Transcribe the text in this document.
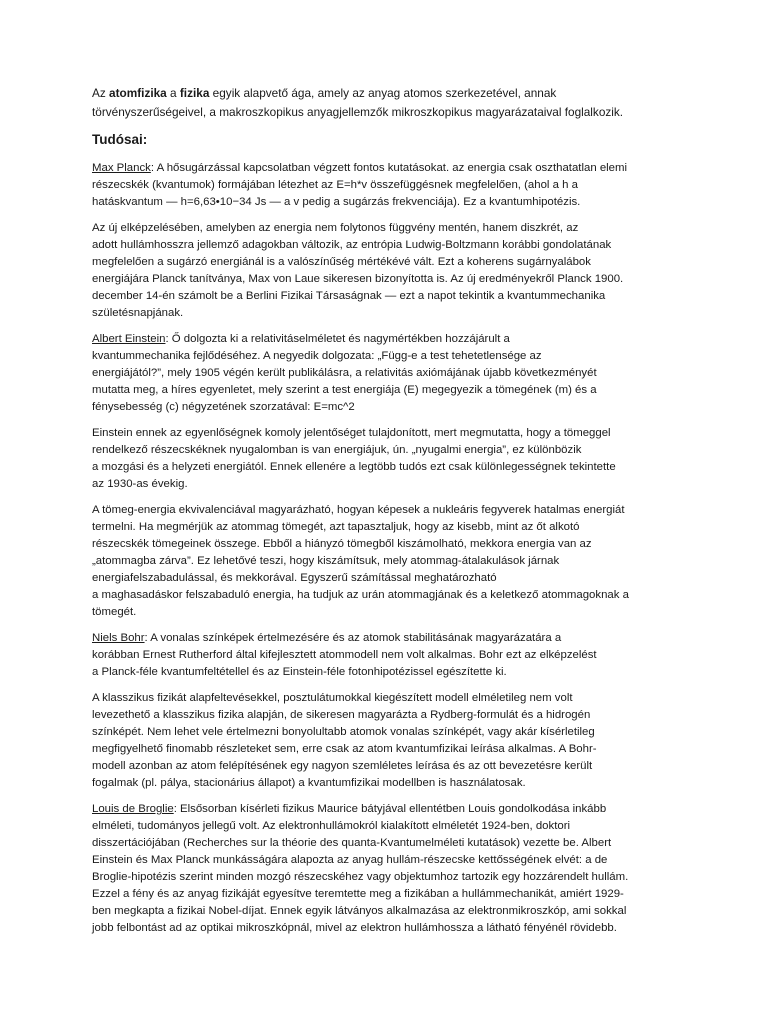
Az atomfizika a fizika egyik alapvető ága, amely az anyag atomos szerkezetével, annak

törvényszerűségeivel, a makroszkopikus anyagjellemzők mikroszkopikus magyarázataival foglalkozik.

Tudósai:

Max Planck: A hősugárzással kapcsolatban végzett fontos kutatásokat. az energia csak oszthatatlan elemi

részecskék (kvantumok) formájában létezhet az E=h*v összefüggésnek megfelelően, (ahol a h a

hatáskvantum — h=6,63•10−34 Js — a v pedig a sugárzás frekvenciája). Ez a kvantumhipotézis.

Az új elképzelésében, amelyben az energia nem folytonos függvény mentén, hanem diszkrét, az

adott hullámhosszra jellemző adagokban változik, az entrópia Ludwig-Boltzmann korábbi gondolatának

megfelelően a sugárzó energiánál is a valószínűség mértékévé vált. Ezt a koherens sugárnyalábok

energiájára Planck tanítványa, Max von Laue sikeresen bizonyította is. Az új eredményekről Planck 1900.

december 14-én számolt be a Berlini Fizikai Társaságnak — ezt a napot tekintik a kvantummechanika

születésnapjának.

Albert Einstein: Ő dolgozta ki a relativitáselméletet és nagymértékben hozzájárult a

kvantummechanika fejlődéséhez. A negyedik dolgozata: „Függ-e a test tehetetlensége az

energiájától?”, mely 1905 végén került publikálásra, a relativitás axiómájának újabb következményét

mutatta meg, a híres egyenletet, mely szerint a test energiája (E) megegyezik a tömegének (m) és a

fénysebesség (c) négyzetének szorzatával: E=mc^2

Einstein ennek az egyenlőségnek komoly jelentőséget tulajdonított, mert megmutatta, hogy a tömeggel

rendelkező részecskéknek nyugalomban is van energiájuk, ún. „nyugalmi energia”, ez különbözik

a mozgási és a helyzeti energiától. Ennek ellenére a legtöbb tudós ezt csak különlegességnek tekintette

az 1930-as évekig.

A tömeg-energia ekvivalenciával magyarázható, hogyan képesek a nukleáris fegyverek hatalmas energiát

termelni. Ha megmérjük az atommag tömegét, azt tapasztaljuk, hogy az kisebb, mint az őt alkotó

részecskék tömegeinek összege. Ebből a hiányzó tömegből kiszámolható, mekkora energia van az

„atommagba zárva”. Ez lehetővé teszi, hogy kiszámítsuk, mely atommag-átalakulások járnak

energiafelszabadulással, és mekkorával. Egyszerű számítással meghatározható

a maghasadáskor felszabaduló energia, ha tudjuk az urán atommagjának és a keletkező atommagoknak a

tömegét.

Niels Bohr: A vonalas színképek értelmezésére és az atomok stabilitásának magyarázatára a

korábban Ernest Rutherford által kifejlesztett atommodell nem volt alkalmas. Bohr ezt az elképzelést

a Planck-féle kvantumfeltétellel és az Einstein-féle fotonhipotézissel egészítette ki.

A klasszikus fizikát alapfeltevésekkel, posztulátumokkal kiegészített modell elméletileg nem volt

levezethető a klasszikus fizika alapján, de sikeresen magyarázta a Rydberg-formulát és a hidrogén

színképét. Nem lehet vele értelmezni bonyolultabb atomok vonalas színképét, vagy akár kísérletileg

megfigyelhető finomabb részleteket sem, erre csak az atom kvantumfizikai leírása alkalmas. A Bohr-

modell azonban az atom felépítésének egy nagyon szemléletes leírása és az ott bevezetésre került

fogalmak (pl. pálya, stacionárius állapot) a kvantumfizikai modellben is használatosak.

Louis de Broglie: Elsősorban kísérleti fizikus Maurice bátyjával ellentétben Louis gondolkodása inkább

elméleti, tudományos jellegű volt. Az elektronhullámokról kialakított elméletét 1924-ben, doktori

disszertációjában (Recherches sur la théorie des quanta-Kvantumelméleti kutatások) vezette be. Albert

Einstein és Max Planck munkásságára alapozta az anyag hullám-részecske kettősségének elvét: a de

Broglie-hipotézis szerint minden mozgó részecskéhez vagy objektumhoz tartozik egy hozzárendelt hullám.

Ezzel a fény és az anyag fizikáját egyesítve teremtette meg a fizikában a hullámmechanikát, amiért 1929-

ben megkapta a fizikai Nobel-díjat. Ennek egyik látványos alkalmazása az elektronmikroszkóp, ami sokkal

jobb felbontást ad az optikai mikroszkópnál, mivel az elektron hullámhossza a látható fényénél rövidebb.
